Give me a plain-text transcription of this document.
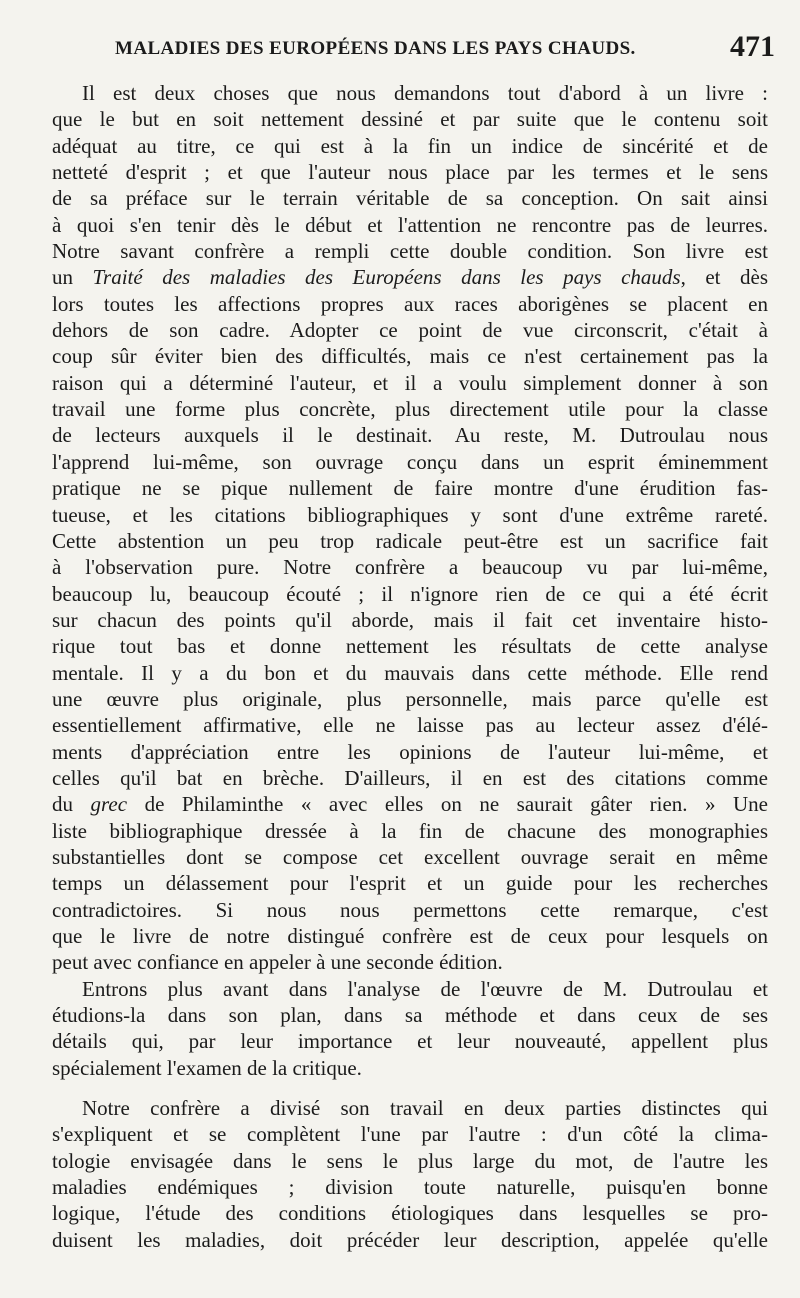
MALADIES DES EUROPÉENS DANS LES PAYS CHAUDS.	471
Il est deux choses que nous demandons tout d'abord à un livre :
que le but en soit nettement dessiné et par suite que le contenu soit
adéquat au titre, ce qui est à la fin un indice de sincérité et de
netteté d'esprit ; et que l'auteur nous place par les termes et le sens
de sa préface sur le terrain véritable de sa conception. On sait ainsi
à quoi s'en tenir dès le début et l'attention ne rencontre pas de leurres.
Notre savant confrère a rempli cette double condition. Son livre est
un Traité des maladies des Européens dans les pays chauds, et dès
lors toutes les affections propres aux races aborigènes se placent en
dehors de son cadre. Adopter ce point de vue circonscrit, c'était à
coup sûr éviter bien des difficultés, mais ce n'est certainement pas la
raison qui a déterminé l'auteur, et il a voulu simplement donner à son
travail une forme plus concrète, plus directement utile pour la classe
de lecteurs auxquels il le destinait. Au reste, M. Dutroulau nous
l'apprend lui-même, son ouvrage conçu dans un esprit éminemment
pratique ne se pique nullement de faire montre d'une érudition fas-
tueuse, et les citations bibliographiques y sont d'une extrême rareté.
Cette abstention un peu trop radicale peut-être est un sacrifice fait
à l'observation pure. Notre confrère a beaucoup vu par lui-même,
beaucoup lu, beaucoup écouté ; il n'ignore rien de ce qui a été écrit
sur chacun des points qu'il aborde, mais il fait cet inventaire histo-
rique tout bas et donne nettement les résultats de cette analyse
mentale. Il y a du bon et du mauvais dans cette méthode. Elle rend
une œuvre plus originale, plus personnelle, mais parce qu'elle est
essentiellement affirmative, elle ne laisse pas au lecteur assez d'élé-
ments d'appréciation entre les opinions de l'auteur lui-même, et
celles qu'il bat en brèche. D'ailleurs, il en est des citations comme
du grec de Philaminthe « avec elles on ne saurait gâter rien. » Une
liste bibliographique dressée à la fin de chacune des monographies
substantielles dont se compose cet excellent ouvrage serait en même
temps un délassement pour l'esprit et un guide pour les recherches
contradictoires. Si nous nous permettons cette remarque, c'est
que le livre de notre distingué confrère est de ceux pour lesquels on
peut avec confiance en appeler à une seconde édition.
Entrons plus avant dans l'analyse de l'œuvre de M. Dutroulau et
étudions-la dans son plan, dans sa méthode et dans ceux de ses
détails qui, par leur importance et leur nouveauté, appellent plus
spécialement l'examen de la critique.
Notre confrère a divisé son travail en deux parties distinctes qui
s'expliquent et se complètent l'une par l'autre : d'un côté la clima-
tologie envisagée dans le sens le plus large du mot, de l'autre les
maladies endémiques ; division toute naturelle, puisqu'en bonne
logique, l'étude des conditions étiologiques dans lesquelles se pro-
duisent les maladies, doit précéder leur description, appelée qu'elle
